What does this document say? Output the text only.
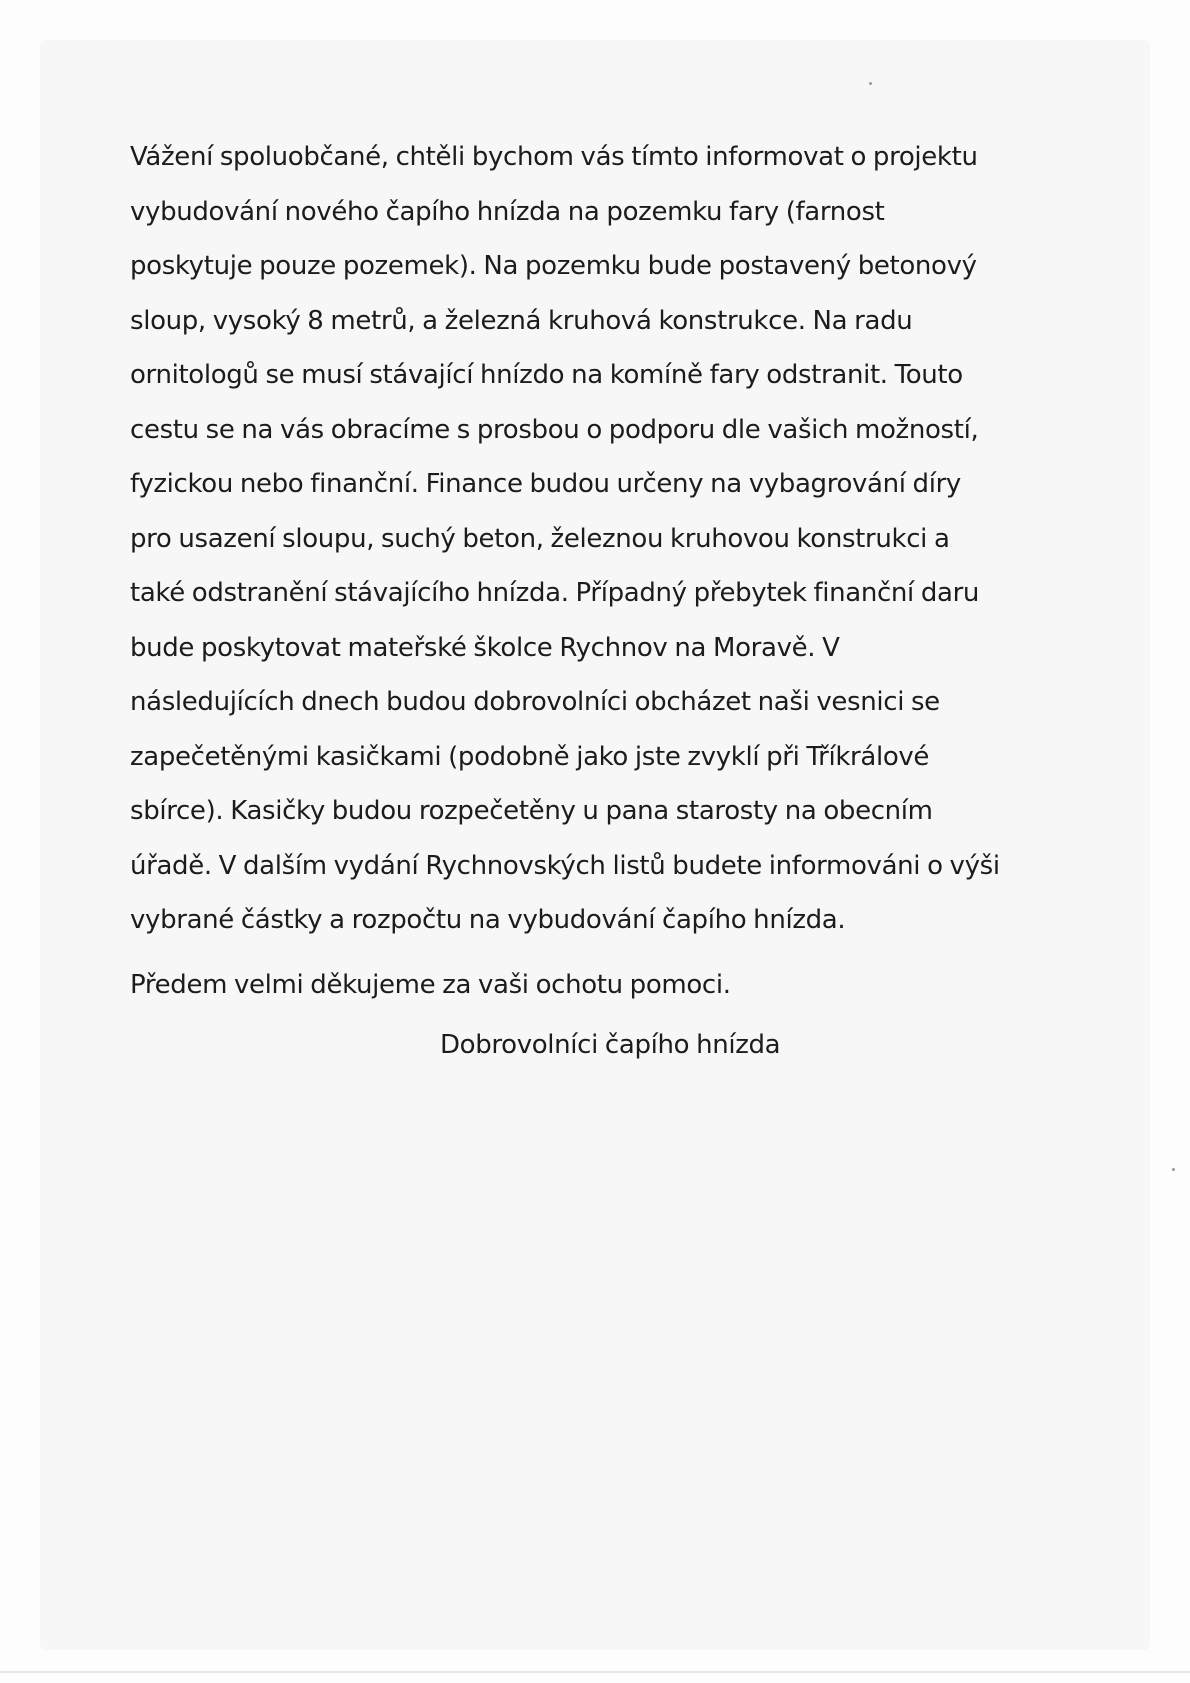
Vážení spoluobčané, chtěli bychom vás tímto informovat o projektu
vybudování nového čapího hnízda na pozemku fary (farnost
poskytuje pouze pozemek). Na pozemku bude postavený betonový
sloup, vysoký 8 metrů, a železná kruhová konstrukce. Na radu
ornitologů se musí stávající hnízdo na komíně fary odstranit. Touto
cestu se na vás obracíme s prosbou o podporu dle vašich možností,
fyzickou nebo finanční. Finance budou určeny na vybagrování díry
pro usazení sloupu, suchý beton, železnou kruhovou konstrukci a
také odstranění stávajícího hnízda. Případný přebytek finanční daru
bude poskytovat mateřské školce Rychnov na Moravě. V
následujících dnech budou dobrovolníci obcházet naši vesnici se
zapečetěnými kasičkami (podobně jako jste zvyklí při Tříkrálové
sbírce). Kasičky budou rozpečetěny u pana starosty na obecním
úřadě. V dalším vydání Rychnovských listů budete informováni o výši
vybrané částky a rozpočtu na vybudování čapího hnízda.

Předem velmi děkujeme za vaši ochotu pomoci.

Dobrovolníci čapího hnízda
